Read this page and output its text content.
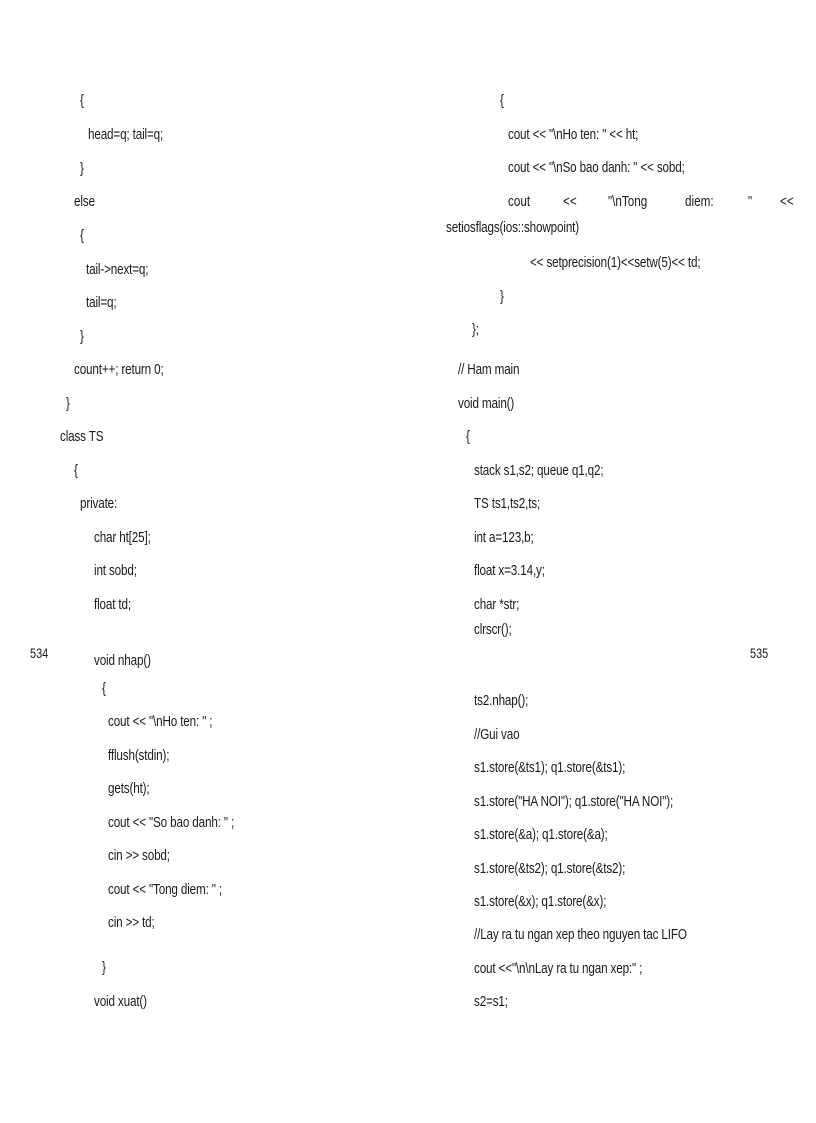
{
head=q; tail=q;
}
else
{
tail->next=q;
tail=q;
}
count++; return 0;
}
class TS
{
private:
char ht[25];
int sobd;
float td;
{
cout << "\nHo ten: " << ht;
cout << "\nSo bao danh: " << sobd;
cout << "\nTong	diem: " <<
setiosflags(ios::showpoint)
<< setprecision(1)<<setw(5)<< td;
}
};
// Ham main
void main()
{
stack s1,s2; queue q1,q2;
TS ts1,ts2,ts;
int a=123,b;
float x=3.14,y;
char *str;
clrscr();
534	535
void nhap()
{
cout << "\nHo ten: " ;
fflush(stdin);
gets(ht);
cout << "So bao danh: " ;
cin >> sobd;
cout << "Tong diem: " ;
cin >> td;
}
void xuat()
ts2.nhap();
//Gui vao
s1.store(&ts1); q1.store(&ts1);
s1.store("HA NOI"); q1.store("HA NOI");
s1.store(&a); q1.store(&a);
s1.store(&ts2); q1.store(&ts2);
s1.store(&x); q1.store(&x);
//Lay ra tu ngan xep theo nguyen tac LIFO
cout <<"\n\nLay ra tu ngan xep:" ;
s2=s1;
